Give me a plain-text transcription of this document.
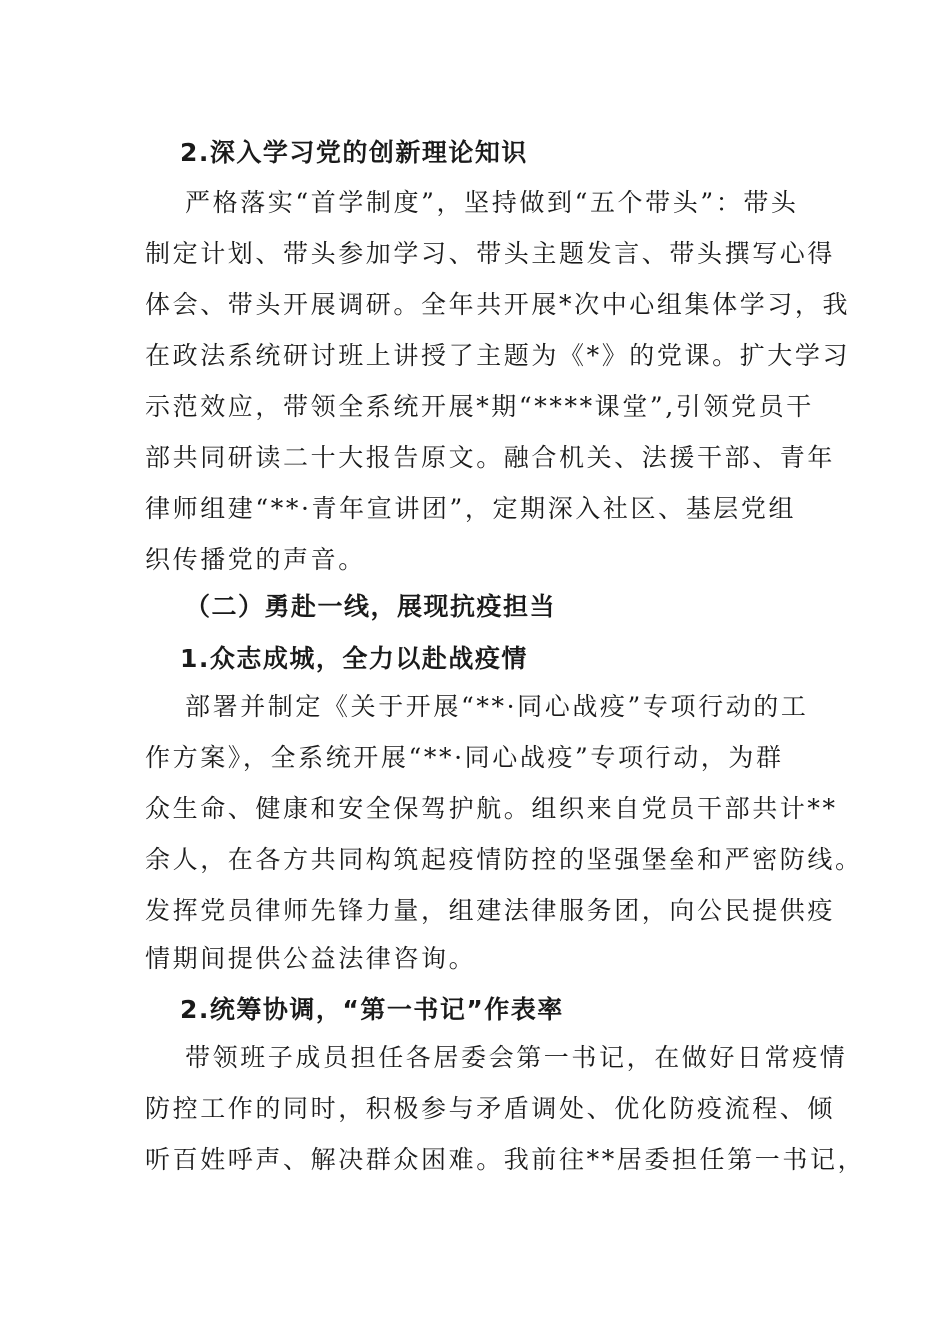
2.深入学习党的创新理论知识

严格落实“首学制度”，坚持做到“五个带头”：带头

制定计划、带头参加学习、带头主题发言、带头撰写心得

体会、带头开展调研。全年共开展*次中心组集体学习，我

在政法系统研讨班上讲授了主题为《*》的党课。扩大学习

示范效应，带领全系统开展*期“****课堂”,引领党员干

部共同研读二十大报告原文。融合机关、法援干部、青年

律师组建“**·青年宣讲团”，定期深入社区、基层党组

织传播党的声音。

（二）勇赴一线，展现抗疫担当

1.众志成城，全力以赴战疫情

部署并制定《关于开展“**·同心战疫”专项行动的工

作方案》，全系统开展“**·同心战疫”专项行动，为群

众生命、健康和安全保驾护航。组织来自党员干部共计**

余人，在各方共同构筑起疫情防控的坚强堡垒和严密防线。

发挥党员律师先锋力量，组建法律服务团，向公民提供疫

情期间提供公益法律咨询。

2.统筹协调，“第一书记”作表率

带领班子成员担任各居委会第一书记，在做好日常疫情

防控工作的同时，积极参与矛盾调处、优化防疫流程、倾

听百姓呼声、解决群众困难。我前往**居委担任第一书记，
